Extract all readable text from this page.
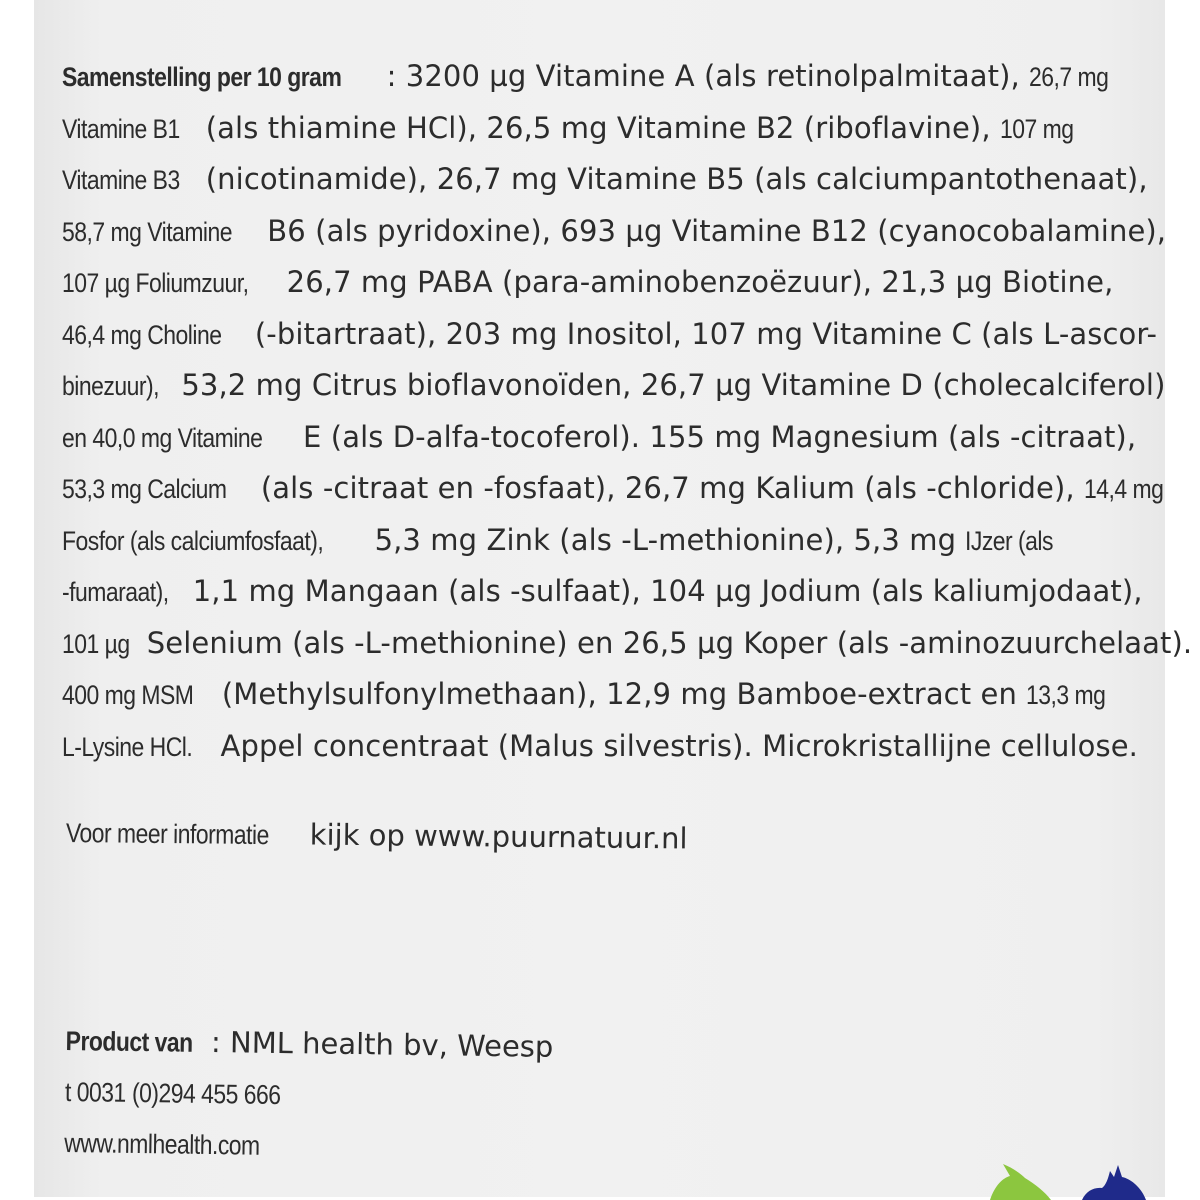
Samenstelling per 10 gram : 3200 µg Vitamine A (als retinolpalmitaat), 26,7 mg
Vitamine B1 (als thiamine HCl), 26,5 mg Vitamine B2 (riboflavine), 107 mg
Vitamine B3 (nicotinamide), 26,7 mg Vitamine B5 (als calciumpantothenaat),
58,7 mg Vitamine B6 (als pyridoxine), 693 µg Vitamine B12 (cyanocobalamine),
107 µg Foliumzuur, 26,7 mg PABA (para-aminobenzoëzuur), 21,3 µg Biotine,
46,4 mg Choline (-bitartraat), 203 mg Inositol, 107 mg Vitamine C (als L-ascor-
binezuur), 53,2 mg Citrus bioflavonoïden, 26,7 µg Vitamine D (cholecalciferol)
en 40,0 mg Vitamine E (als D-alfa-tocoferol). 155 mg Magnesium (als -citraat),
53,3 mg Calcium (als -citraat en -fosfaat), 26,7 mg Kalium (als -chloride), 14,4 mg
Fosfor (als calciumfosfaat), 5,3 mg Zink (als -L-methionine), 5,3 mg IJzer (als
-fumaraat), 1,1 mg Mangaan (als -sulfaat), 104 µg Jodium (als kaliumjodaat),
101 µg Selenium (als -L-methionine) en 26,5 µg Koper (als -aminozuurchelaat).
400 mg MSM (Methylsulfonylmethaan), 12,9 mg Bamboe-extract en 13,3 mg
L-Lysine HCl. Appel concentraat (Malus silvestris). Microkristallijne cellulose.
Voor meer informatie kijk op www.puurnatuur.nl
Product van : NML health bv, Weesp
t 0031(0)294 455 666
www.nmlhealth.com
